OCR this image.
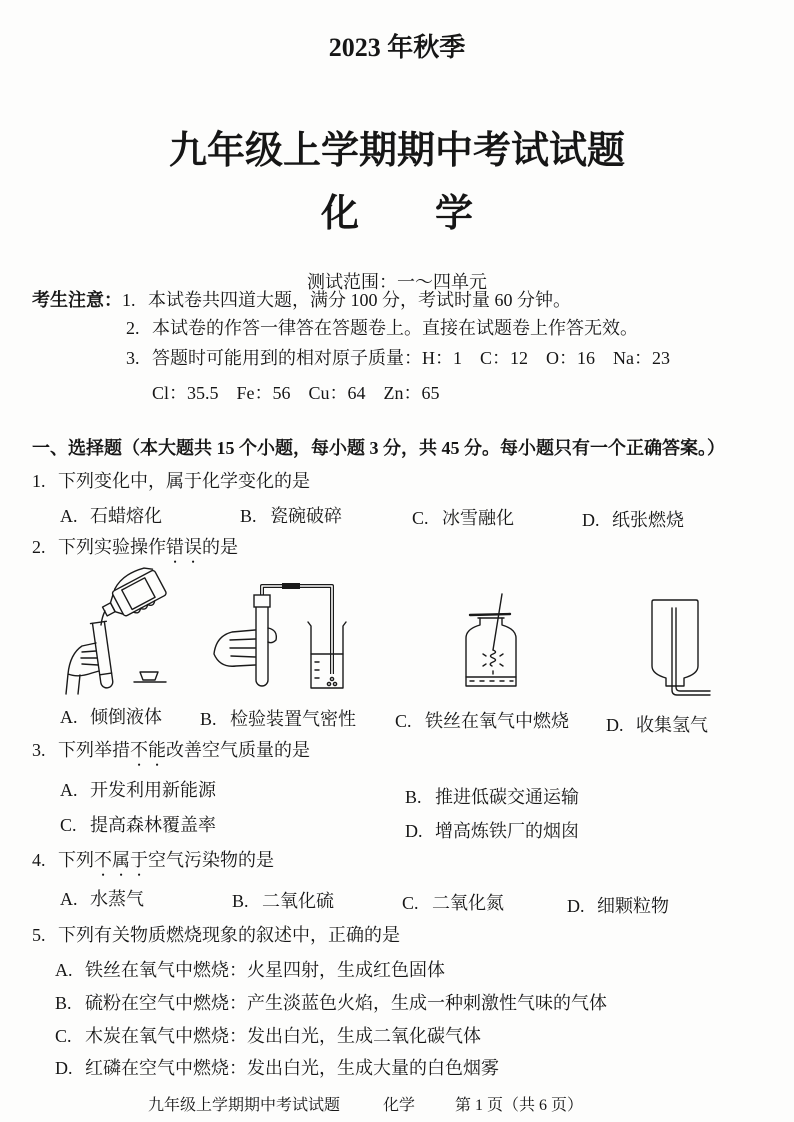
2023 年秋季
九年级上学期期中考试试题
化　　学
测试范围：一～四单元
考生注意： 1. 本试卷共四道大题，满分 100 分，考试时量 60 分钟。
2. 本试卷的作答一律答在答题卷上。直接在试题卷上作答无效。
3. 答题时可能用到的相对原子质量：H：1　C：12　O：16　Na：23
Cl：35.5　Fe：56　Cu：64　Zn：65
一、选择题（本大题共 15 个小题，每小题 3 分，共 45 分。每小题只有一个正确答案。）
1. 下列变化中，属于化学变化的是
A. 石蜡熔化	B. 瓷碗破碎	C. 冰雪融化	D. 纸张燃烧
2. 下列实验操作错误的是
A. 倾倒液体 B. 检验装置气密性 C. 铁丝在氧气中燃烧 D. 收集氢气
3. 下列举措不能改善空气质量的是
A. 开发利用新能源	B. 推进低碳交通运输
C. 提高森林覆盖率	D. 增高炼铁厂的烟囱
4. 下列不属于空气污染物的是
A. 水蒸气	B. 二氧化硫	C. 二氧化氮	D. 细颗粒物
5. 下列有关物质燃烧现象的叙述中，正确的是
A. 铁丝在氧气中燃烧：火星四射，生成红色固体
B. 硫粉在空气中燃烧：产生淡蓝色火焰，生成一种刺激性气味的气体
C. 木炭在氧气中燃烧：发出白光，生成二氧化碳气体
D. 红磷在空气中燃烧：发出白光，生成大量的白色烟雾
九年级上学期期中考试试题	化学 第 1 页（共 6 页）
